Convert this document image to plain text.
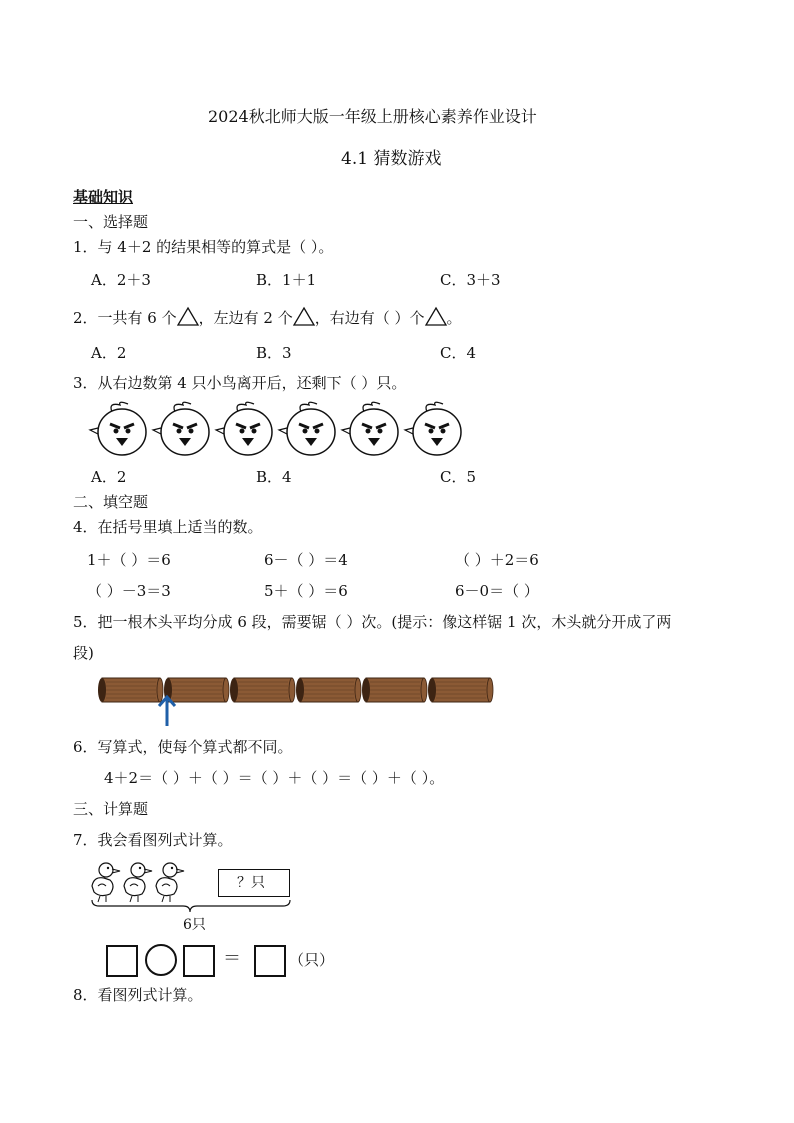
2024秋北师大版一年级上册核心素养作业设计
4.1 猜数游戏
基础知识
一、选择题
1．与 4＋2 的结果相等的算式是（ ）。
A．2＋3	B．1＋1	C．3＋3
2．一共有 6 个 ，左边有 2 个 ，右边有（ ）个 。
A．2	B．3	C．4
3．从右边数第 4 只小鸟离开后，还剩下（ ）只。
A．2	B．4	C．5
二、填空题
4．在括号里填上适当的数。
1＋（ ）＝6	6－（ ）＝4	（ ）＋2＝6
（ ）－3＝3	5＋（ ）＝6	6－0＝（ ）
5．把一根木头平均分成 6 段，需要锯（ ）次。(提示：像这样锯 1 次，木头就分开成了两
段)
6．写算式，使每个算式都不同。
4＋2＝（ ）＋（ ）＝（ ）＋（ ）＝（ ）＋（ ）。
三、计算题
7．我会看图列式计算。
？只
6只
＝	（只）
8．看图列式计算。
